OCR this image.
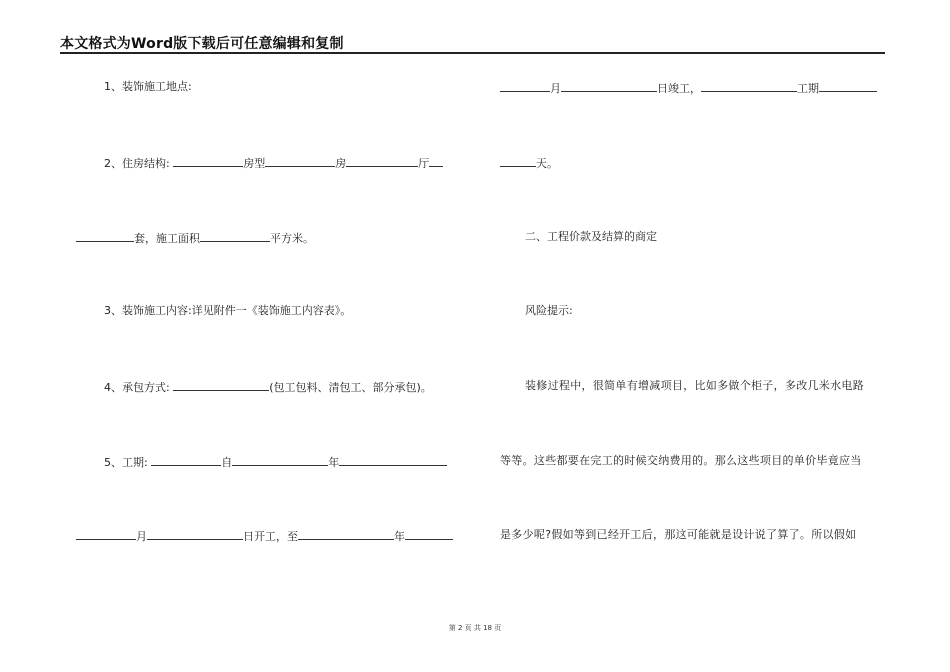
本文格式为Word版下载后可任意编辑和复制
1、装饰施工地点:
2、住房结构:	房型	房	厅
套，施工面积	平方米。
3、装饰施工内容:详见附件一《装饰施工内容表》。
4、承包方式:	(包工包料、清包工、部分承包)。
5、工期:	自	年
月	日开工，至	年
月	日竣工，	工期
天。
二、工程价款及结算的商定
风险提示:
装修过程中，很简单有增减项目，比如多做个柜子，多改几米水电路
等等。这些都要在完工的时候交纳费用的。那么这些项目的单价毕竟应当
是多少呢?假如等到已经开工后，那这可能就是设计说了算了。所以假如
第 2 页 共 18 页
